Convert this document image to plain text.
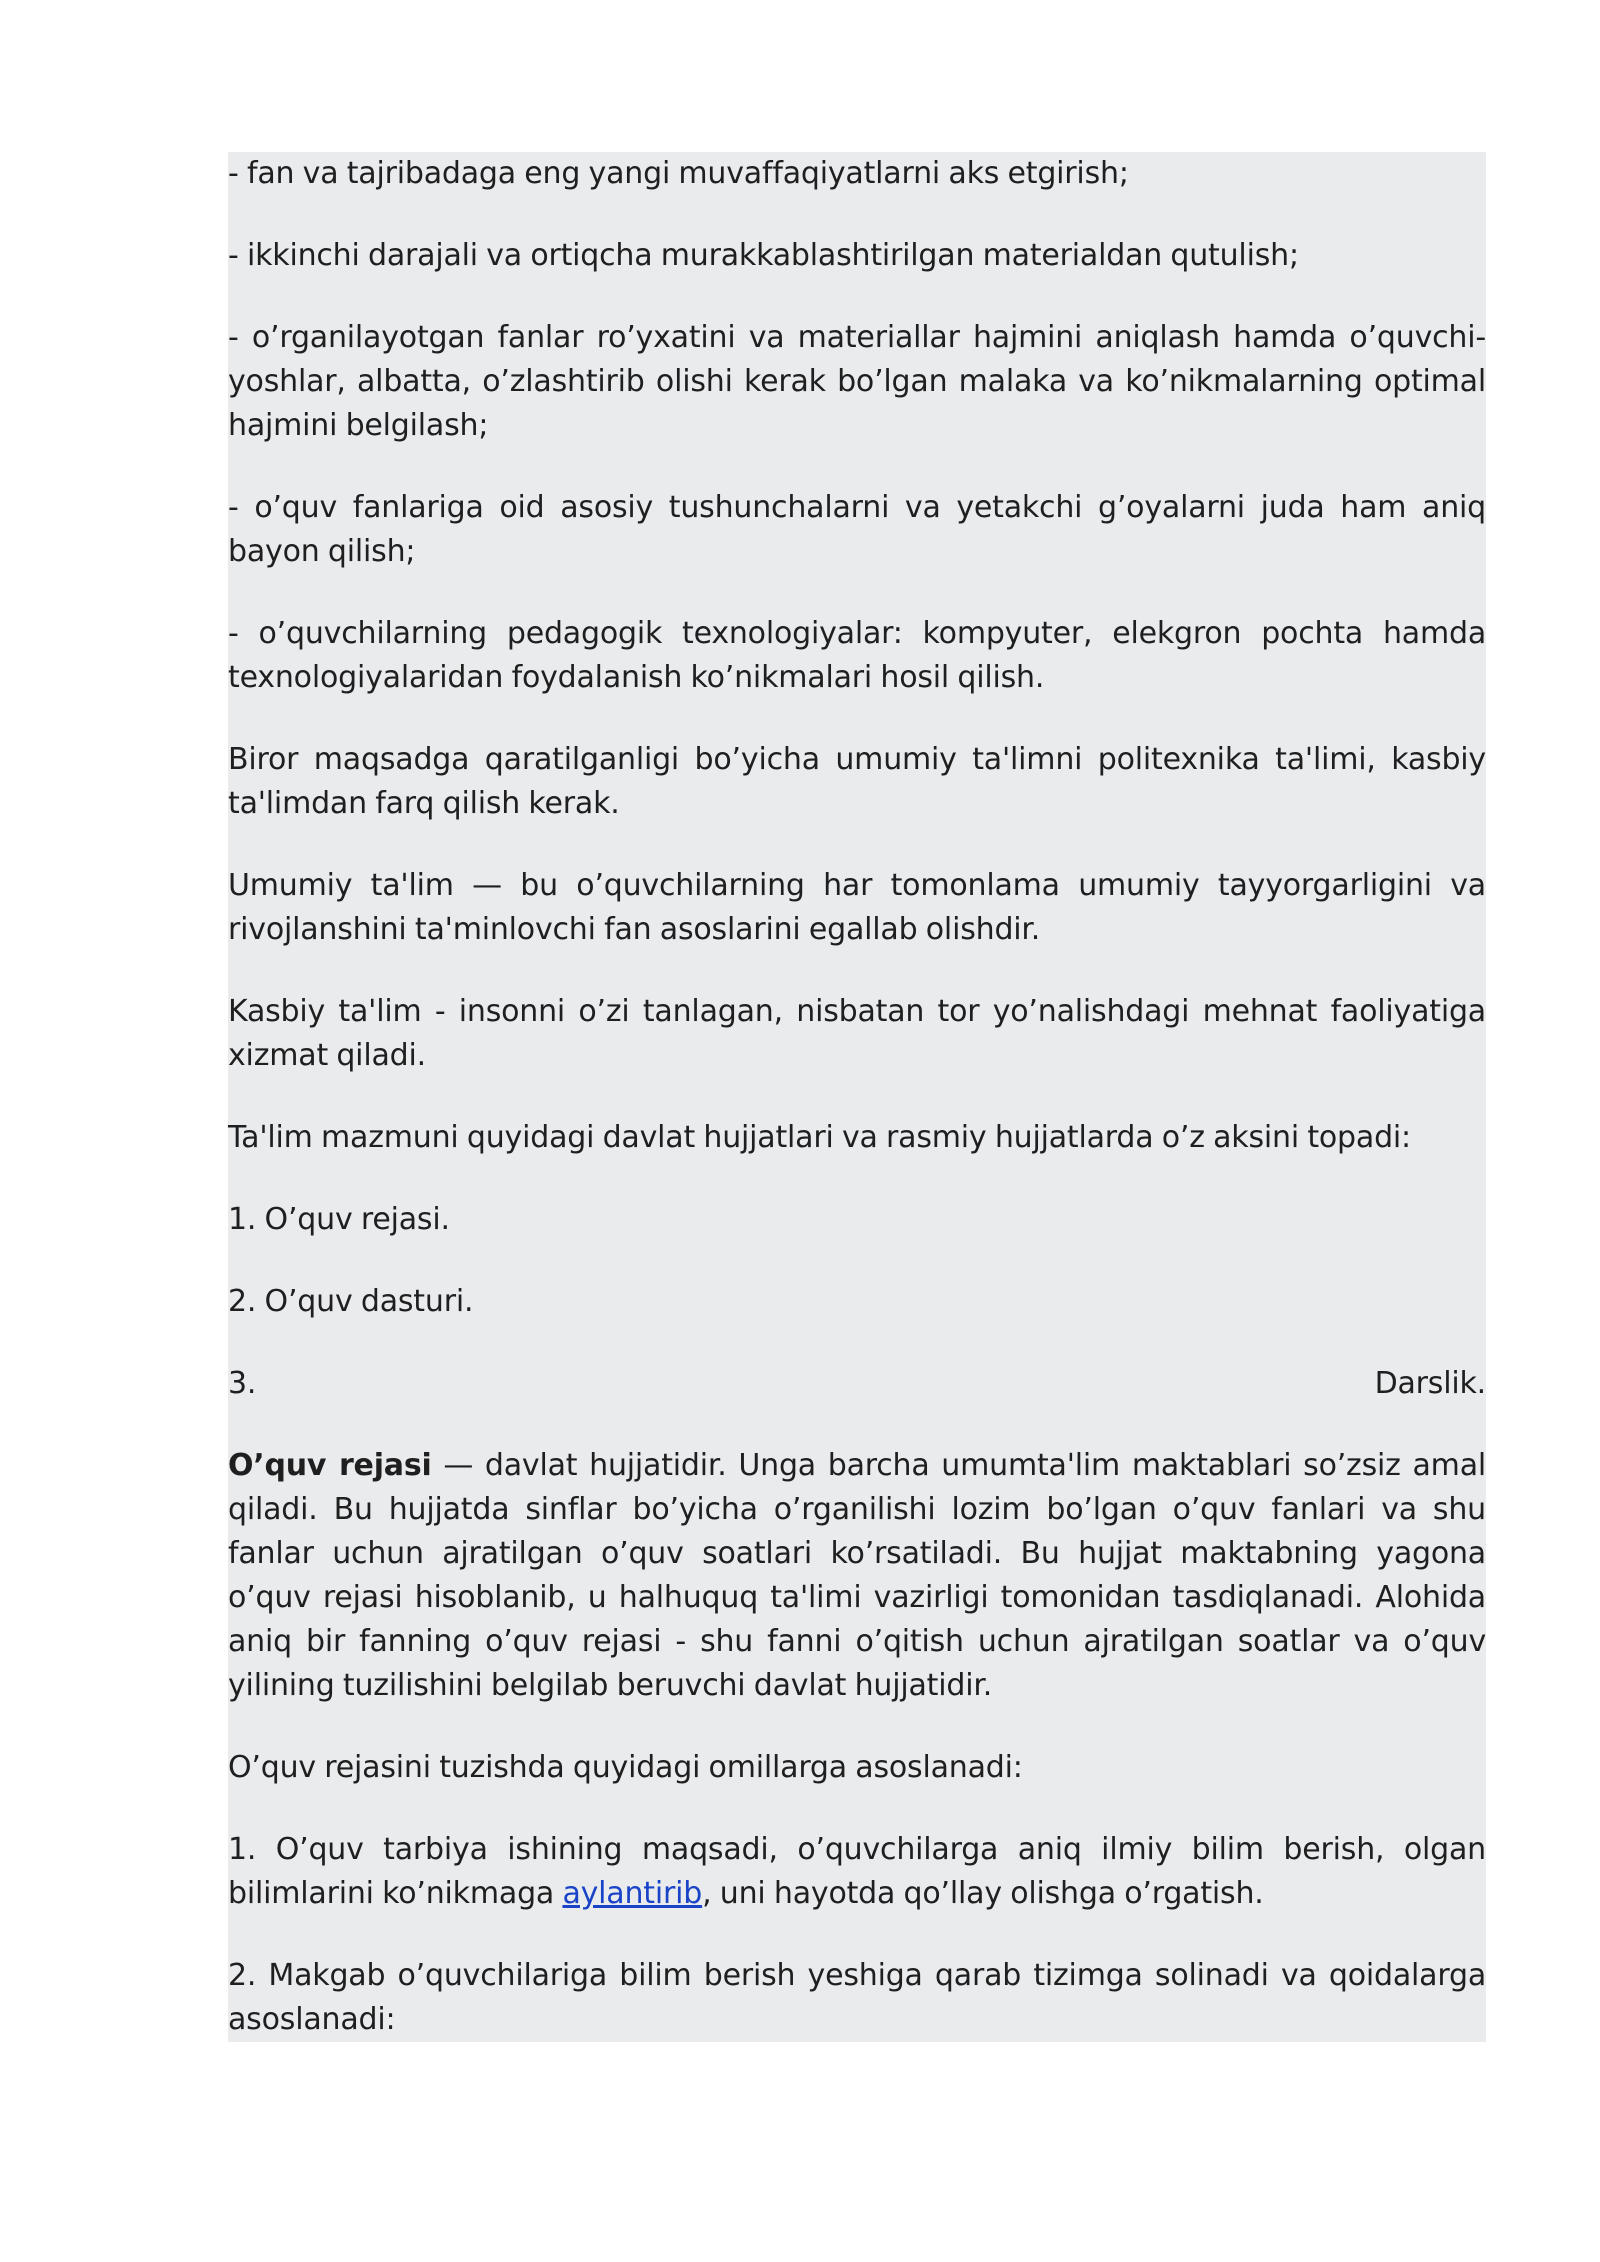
- fan va tajribadaga eng yangi muvaffaqiyatlarni aks etgirish;

- ikkinchi darajali va ortiqcha murakkablashtirilgan materialdan qutulish;

- o’rganilayotgan fanlar ro’yxatini va materiallar hajmini aniqlash hamda o’quvchi-yoshlar, albatta, o’zlashtirib olishi kerak bo’lgan malaka va ko’nikmalarning optimal hajmini belgilash;

- o’quv fanlariga oid asosiy tushunchalarni va yetakchi g’oyalarni juda ham aniq bayon qilish;

- o’quvchilarning pedagogik texnologiyalar: kompyuter, elekgron pochta hamda texnologiyalaridan foydalanish ko’nikmalari hosil qilish.

Biror maqsadga qaratilganligi bo’yicha umumiy ta'limni politexnika ta'limi, kasbiy ta'limdan farq qilish kerak.

Umumiy ta'lim — bu o’quvchilarning har tomonlama umumiy tayyorgarligini va rivojlanshini ta'minlovchi fan asoslarini egallab olishdir.

Kasbiy ta'lim - insonni o’zi tanlagan, nisbatan tor yo’nalishdagi mehnat faoliyatiga xizmat qiladi.

Ta'lim mazmuni quyidagi davlat hujjatlari va rasmiy hujjatlarda o’z aksini topadi:

1. O’quv rejasi.

2. O’quv dasturi.

3.	Darslik.

O’quv rejasi — davlat hujjatidir. Unga barcha umumta'lim maktablari so’zsiz amal qiladi. Bu hujjatda sinflar bo’yicha o’rganilishi lozim bo’lgan o’quv fanlari va shu fanlar uchun ajratilgan o’quv soatlari ko’rsatiladi. Bu hujjat maktabning yagona o’quv rejasi hisoblanib, u halhuquq ta'limi vazirligi tomonidan tasdiqlanadi. Alohida aniq bir fanning o’quv rejasi - shu fanni o’qitish uchun ajratilgan soatlar va o’quv yilining tuzilishini belgilab beruvchi davlat hujjatidir.

O’quv rejasini tuzishda quyidagi omillarga asoslanadi:

1. O’quv tarbiya ishining maqsadi, o’quvchilarga aniq ilmiy bilim berish, olgan bilimlarini ko’nikmaga aylantirib, uni hayotda qo’llay olishga o’rgatish.

2. Makgab o’quvchilariga bilim berish yeshiga qarab tizimga solinadi va qoidalarga asoslanadi:
